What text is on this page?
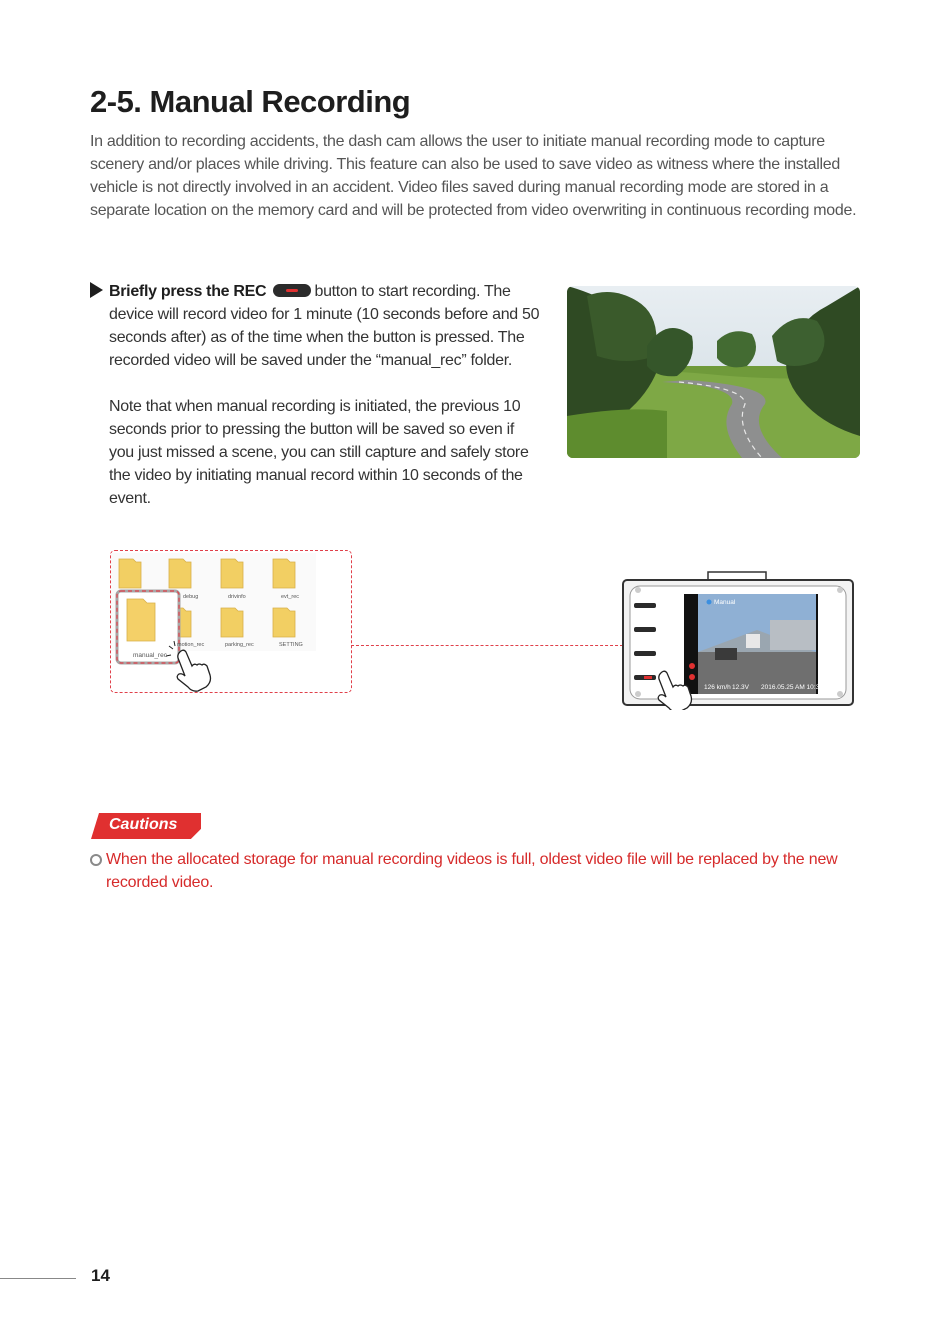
2-5. Manual Recording
In addition to recording accidents, the dash cam allows the user to initiate manual recording mode to capture scenery and/or places while driving. This feature can also be used to save video as witness where the installed vehicle is not directly involved in an accident. Video files saved during manual recording mode are stored in a separate location on the memory card and will be protected from video overwriting in continuous recording mode.
Briefly press the REC	button to start recording. The device will record video for 1 minute (10 seconds before and 50 seconds after) as of the time when the button is pressed. The recorded video will be saved under the “manual_rec” folder.
Note that when manual recording is initiated, the previous 10 seconds prior to pressing the button will be saved so even if you just missed a scene, you can still capture and safely store the video by initiating manual record within 10 seconds of the event.
debug	drivinfo	evt_rec
motion_rec	parking_rec	SETTING
manual_rec
Manual
126 km/h 12.3V 2016.05.25 AM 10:30
Cautions
When the allocated storage for manual recording videos is full, oldest video file will be replaced by the new recorded video.
14
